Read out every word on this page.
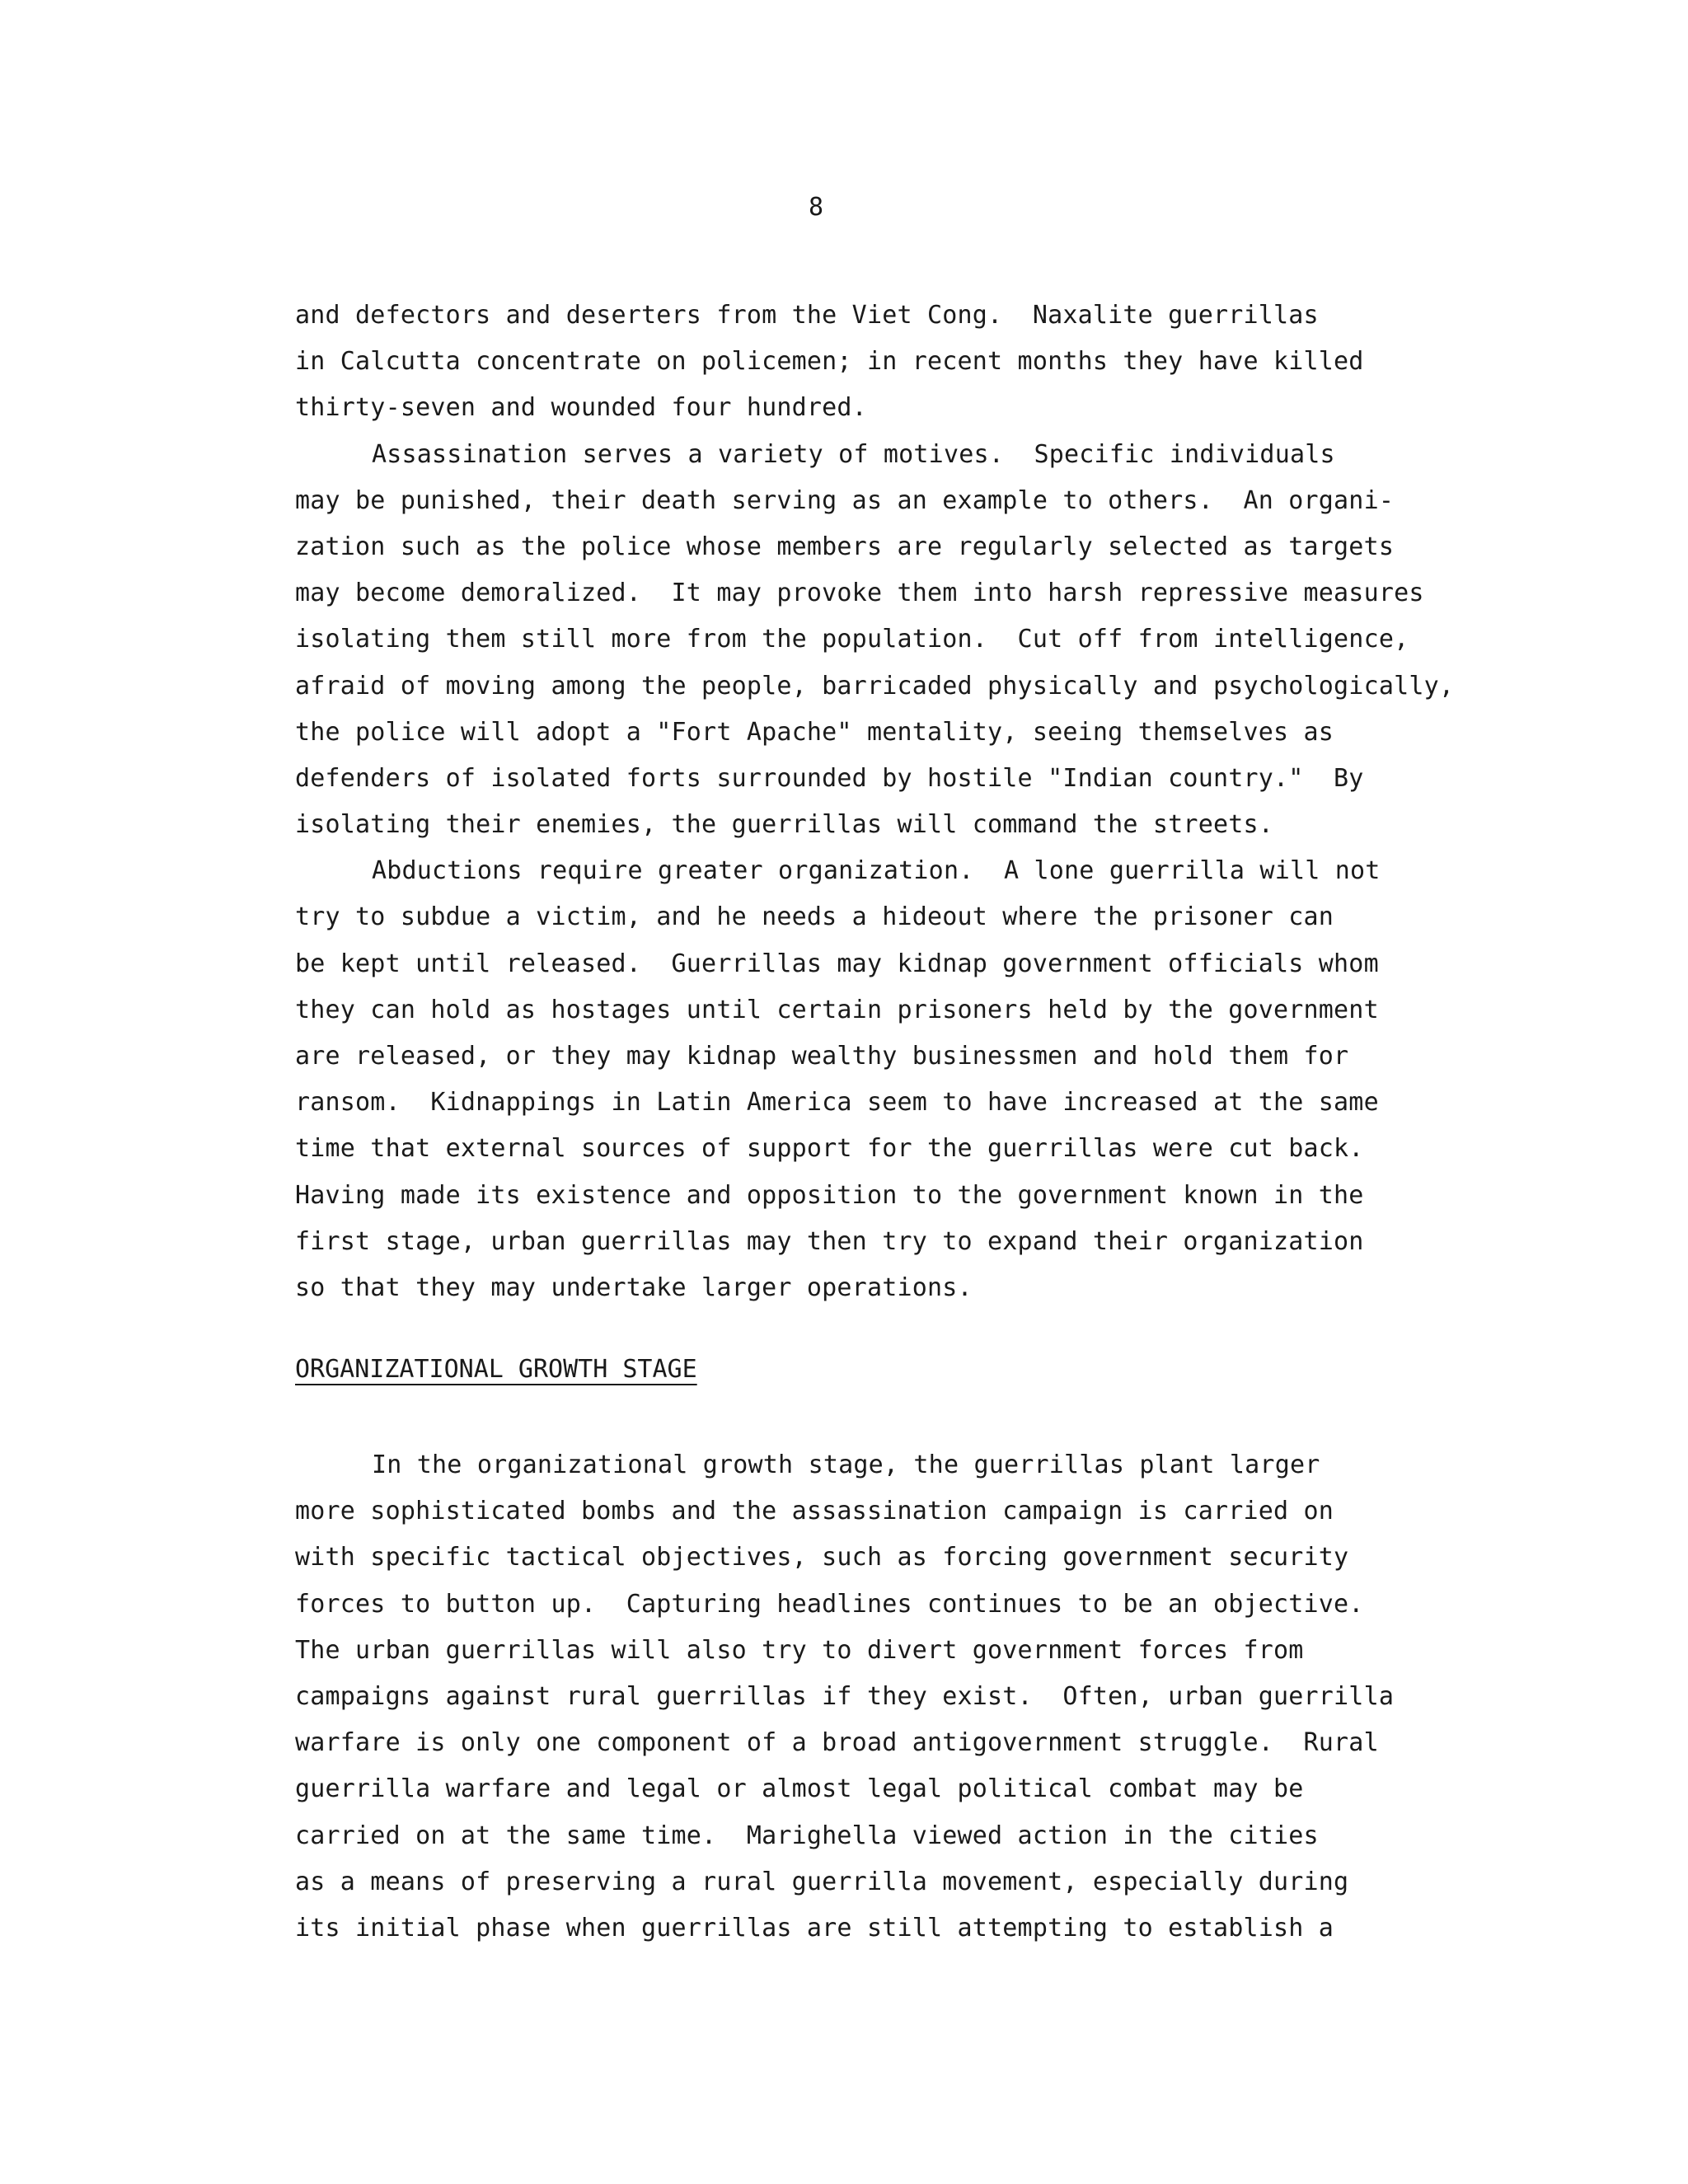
8
and defectors and deserters from the Viet Cong.  Naxalite guerrillas
in Calcutta concentrate on policemen; in recent months they have killed
thirty-seven and wounded four hundred.
Assassination serves a variety of motives.  Specific individuals
may be punished, their death serving as an example to others.  An organi-
zation such as the police whose members are regularly selected as targets
may become demoralized.  It may provoke them into harsh repressive measures
isolating them still more from the population.  Cut off from intelligence,
afraid of moving among the people, barricaded physically and psychologically,
the police will adopt a "Fort Apache" mentality, seeing themselves as
defenders of isolated forts surrounded by hostile "Indian country."  By
isolating their enemies, the guerrillas will command the streets.
Abductions require greater organization.  A lone guerrilla will not
try to subdue a victim, and he needs a hideout where the prisoner can
be kept until released.  Guerrillas may kidnap government officials whom
they can hold as hostages until certain prisoners held by the government
are released, or they may kidnap wealthy businessmen and hold them for
ransom.  Kidnappings in Latin America seem to have increased at the same
time that external sources of support for the guerrillas were cut back.
Having made its existence and opposition to the government known in the
first stage, urban guerrillas may then try to expand their organization
so that they may undertake larger operations.
ORGANIZATIONAL GROWTH STAGE
In the organizational growth stage, the guerrillas plant larger
more sophisticated bombs and the assassination campaign is carried on
with specific tactical objectives, such as forcing government security
forces to button up.  Capturing headlines continues to be an objective.
The urban guerrillas will also try to divert government forces from
campaigns against rural guerrillas if they exist.  Often, urban guerrilla
warfare is only one component of a broad antigovernment struggle.  Rural
guerrilla warfare and legal or almost legal political combat may be
carried on at the same time.  Marighella viewed action in the cities
as a means of preserving a rural guerrilla movement, especially during
its initial phase when guerrillas are still attempting to establish a
